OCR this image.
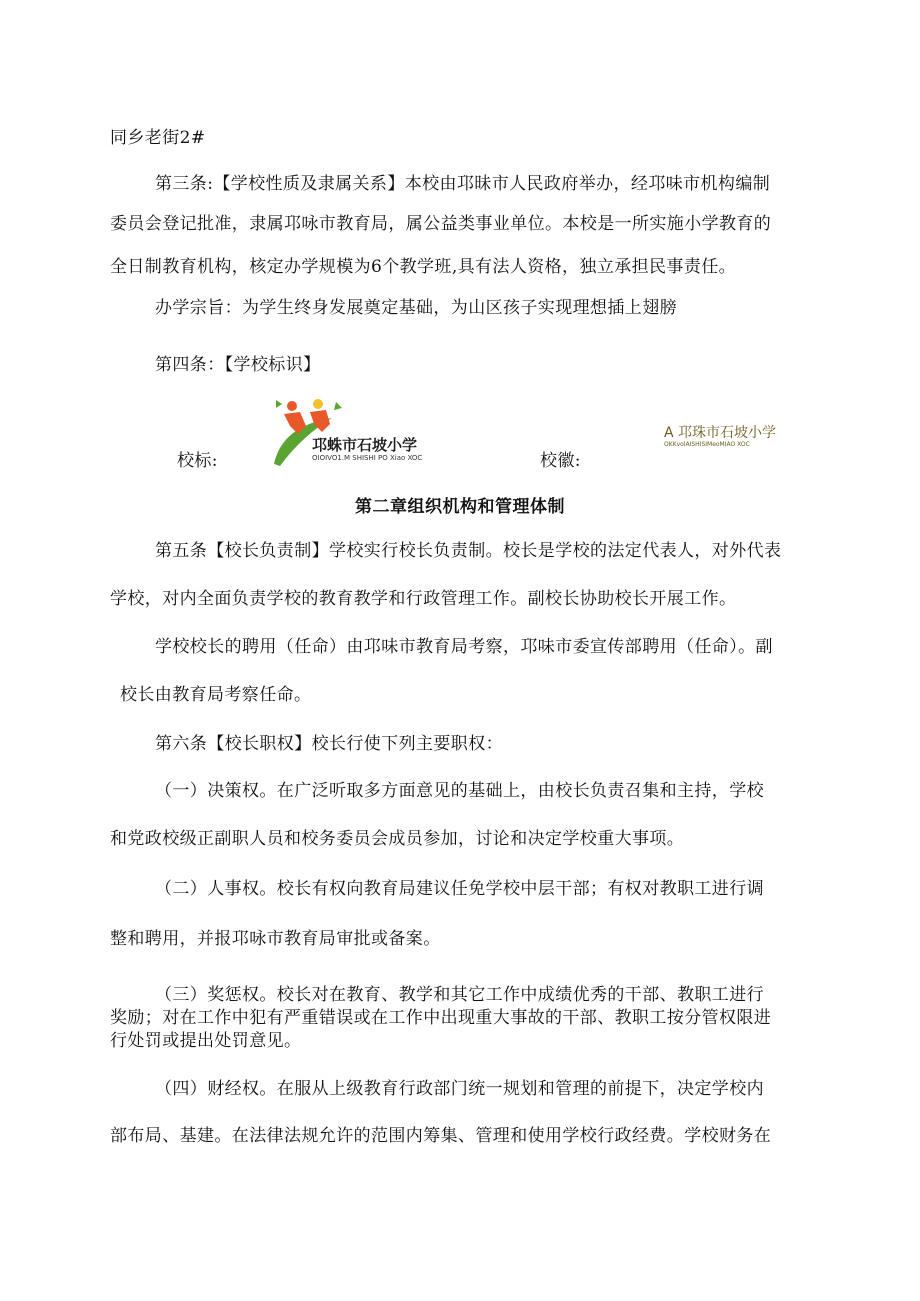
同乡老街2#
第三条:【学校性质及隶属关系】本校由邛昧市人民政府举办，经邛味市机构编制
委员会登记批准，隶属邛咏市教育局，属公益类事业单位。本校是一所实施小学教育的
全日制教育机构，核定办学规模为6个教学班,具有法人资格，独立承担民事责任。
办学宗旨：为学生终身发展奠定基础，为山区孩子实现理想插上翅膀
第四条：【学校标识】
校标:
邛蛛市石坡小学
OIOIVO1.M SHISHI PO Xiao XOC	校徽:
A 邛珠市石坡小学
OKKvolAISHISIMeoMIAO XOC
第二章组织机构和管理体制
第五条【校长负责制】学校实行校长负责制。校长是学校的法定代表人，对外代表
学校，对内全面负责学校的教育教学和行政管理工作。副校长协助校长开展工作。
学校校长的聘用（任命）由邛味市教育局考察，邛味市委宣传部聘用（任命）。副
校长由教育局考察任命。
第六条【校长职权】校长行使下列主要职权：
（一）决策权。在广泛听取多方面意见的基础上，由校长负责召集和主持，学校
和党政校级正副职人员和校务委员会成员参加，讨论和决定学校重大事项。
（二）人事权。校长有权向教育局建议任免学校中层干部；有权对教职工进行调
整和聘用，并报邛咏市教育局审批或备案。
（三）奖惩权。校长对在教育、教学和其它工作中成绩优秀的干部、教职工进行
奖励；对在工作中犯有严重错误或在工作中出现重大事故的干部、教职工按分管权限进
行处罚或提出处罚意见。
（四）财经权。在服从上级教育行政部门统一规划和管理的前提下，决定学校内
部布局、基建。在法律法规允许的范围内筹集、管理和使用学校行政经费。学校财务在
